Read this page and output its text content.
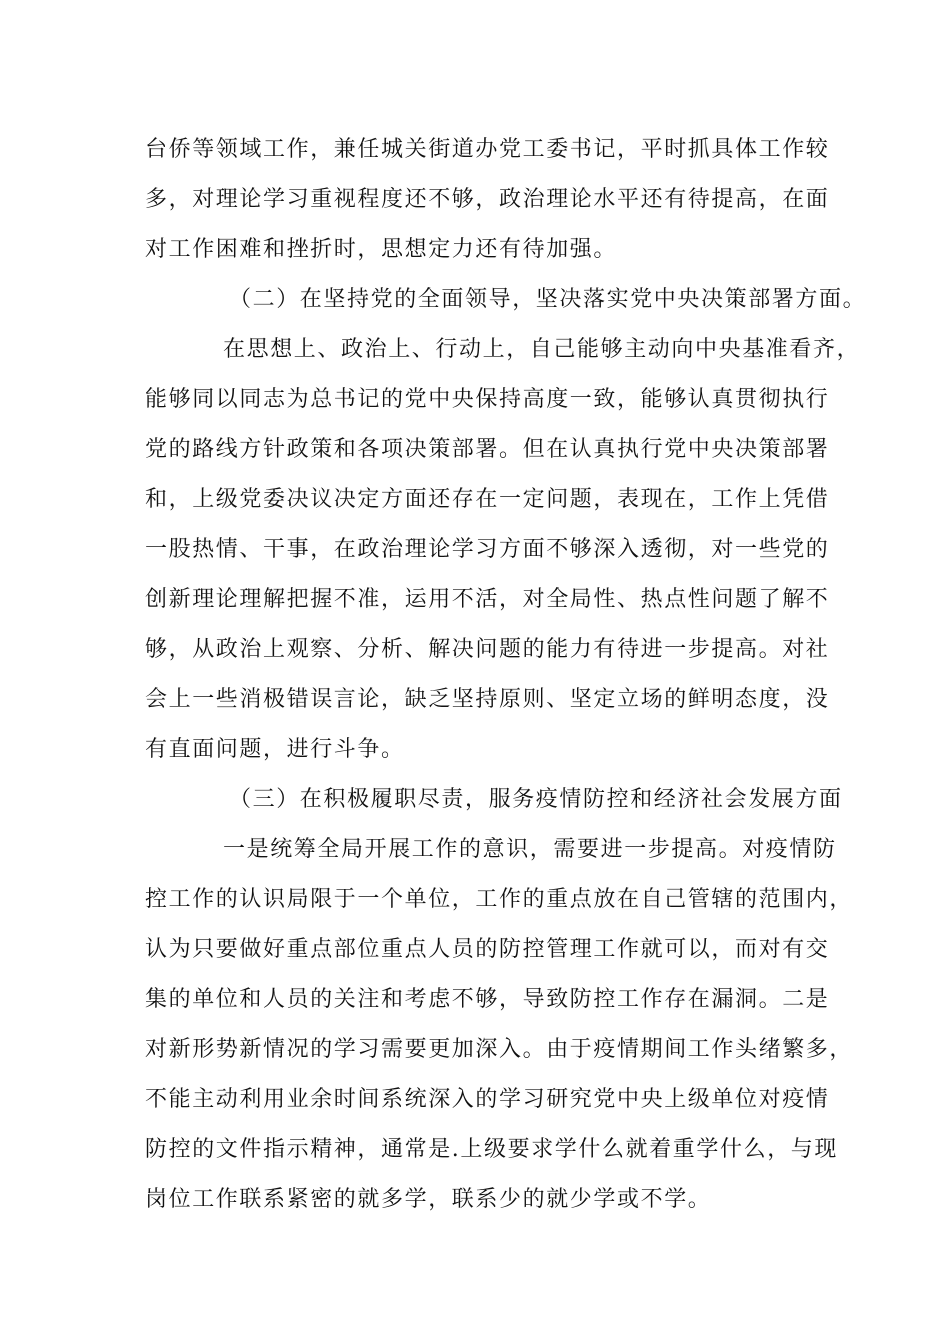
台侨等领域工作，兼任城关街道办党工委书记，平时抓具体工作较
多，对理论学习重视程度还不够，政治理论水平还有待提高，在面
对工作困难和挫折时，思想定力还有待加强。
（二）在坚持党的全面领导，坚决落实党中央决策部署方面。
在思想上、政治上、行动上，自己能够主动向中央基准看齐，
能够同以同志为总书记的党中央保持高度一致，能够认真贯彻执行
党的路线方针政策和各项决策部署。但在认真执行党中央决策部署
和，上级党委决议决定方面还存在一定问题，表现在，工作上凭借
一股热情、干事，在政治理论学习方面不够深入透彻，对一些党的
创新理论理解把握不准，运用不活，对全局性、热点性问题了解不
够，从政治上观察、分析、解决问题的能力有待进一步提高。对社
会上一些消极错误言论，缺乏坚持原则、坚定立场的鲜明态度，没
有直面问题，进行斗争。
（三）在积极履职尽责，服务疫情防控和经济社会发展方面
一是统筹全局开展工作的意识，需要进一步提高。对疫情防
控工作的认识局限于一个单位，工作的重点放在自己管辖的范围内，
认为只要做好重点部位重点人员的防控管理工作就可以，而对有交
集的单位和人员的关注和考虑不够，导致防控工作存在漏洞。二是
对新形势新情况的学习需要更加深入。由于疫情期间工作头绪繁多，
不能主动利用业余时间系统深入的学习研究党中央上级单位对疫情
防控的文件指示精神，通常是.上级要求学什么就着重学什么，与现
岗位工作联系紧密的就多学，联系少的就少学或不学。
